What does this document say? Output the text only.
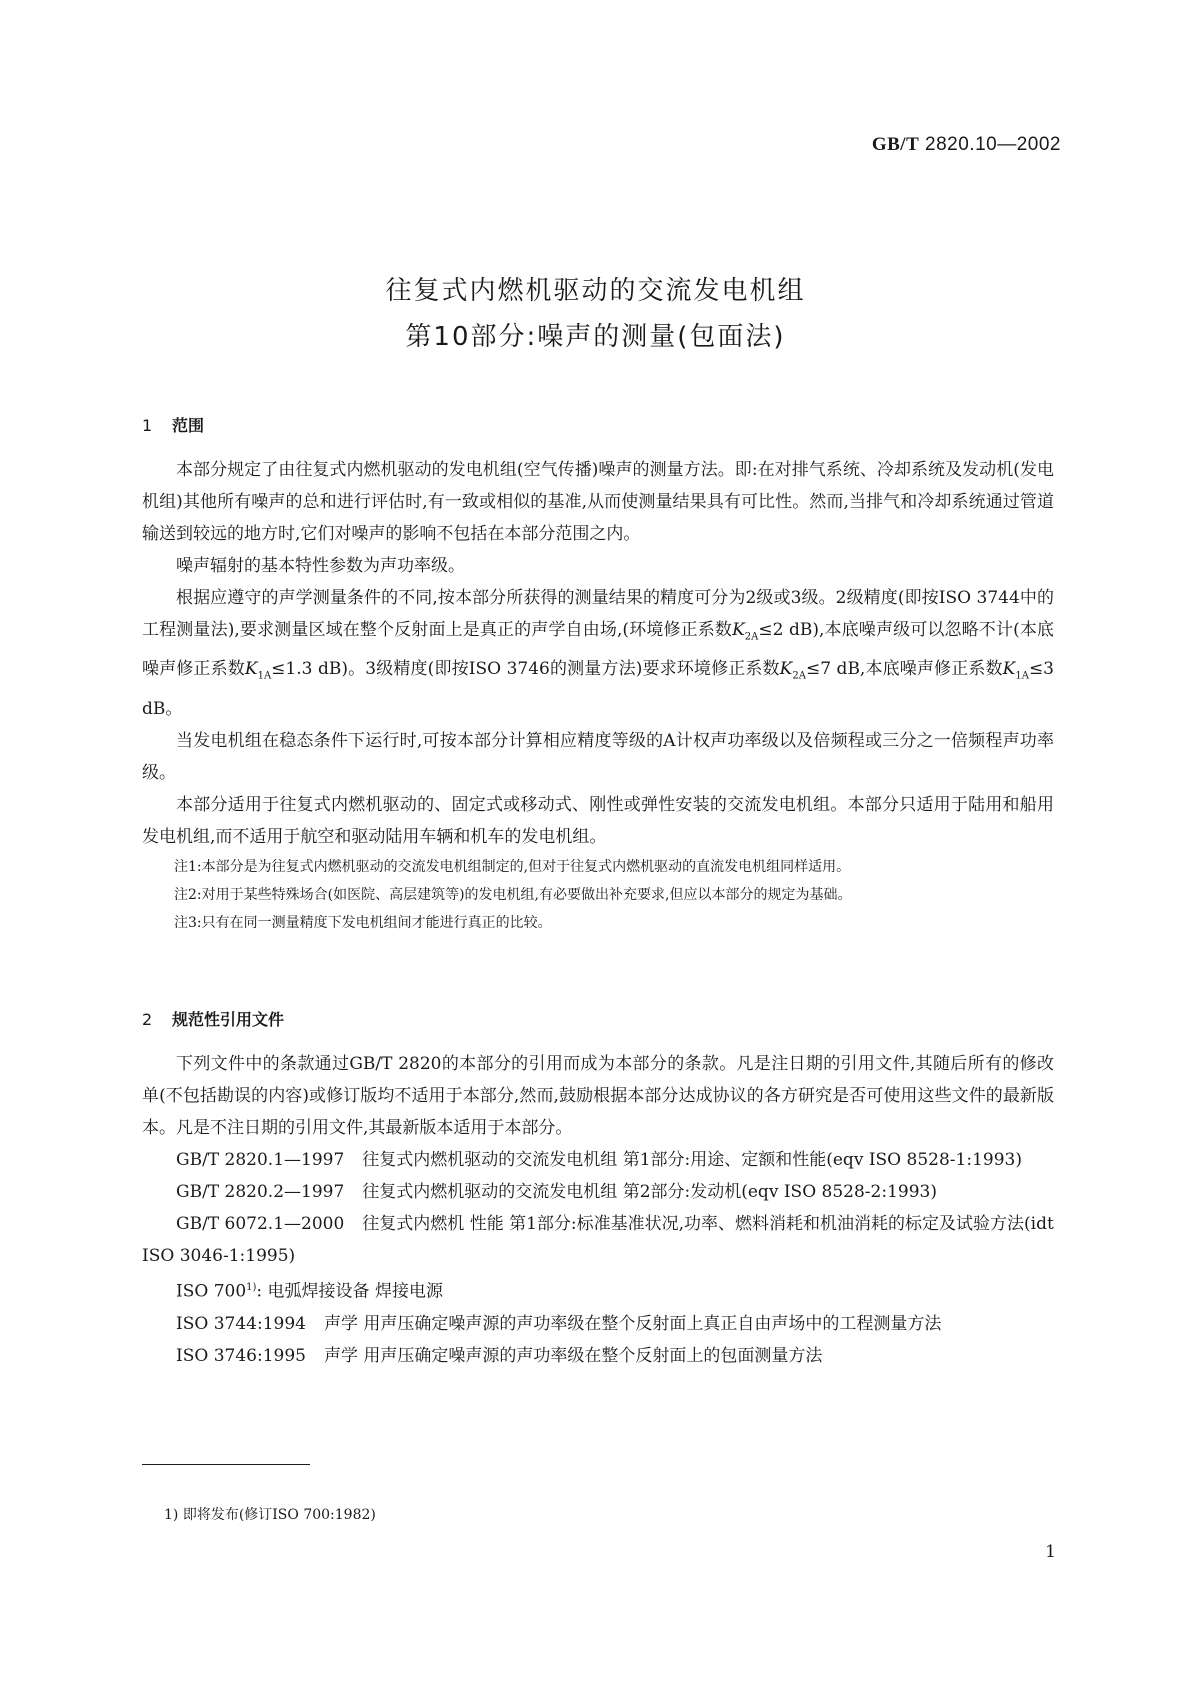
GB/T 2820.10—2002
往复式内燃机驱动的交流发电机组
第10部分:噪声的测量(包面法)
1 范围

本部分规定了由往复式内燃机驱动的发电机组(空气传播)噪声的测量方法。即:在对排气系统、冷却系统及发动机(发电机组)其他所有噪声的总和进行评估时,有一致或相似的基准,从而使测量结果具有可比性。然而,当排气和冷却系统通过管道输送到较远的地方时,它们对噪声的影响不包括在本部分范围之内。

噪声辐射的基本特性参数为声功率级。

根据应遵守的声学测量条件的不同,按本部分所获得的测量结果的精度可分为2级或3级。2级精度(即按ISO 3744中的工程测量法),要求测量区域在整个反射面上是真正的声学自由场,(环境修正系数$K_{2A}\le 2$ dB),本底噪声级可以忽略不计(本底噪声修正系数$K_{1A}\le 1.3$ dB)。3级精度(即按ISO 3746的测量方法)要求环境修正系数$K_{2A}\le 7$ dB,本底噪声修正系数$K_{1A}\le 3$ dB。

当发电机组在稳态条件下运行时,可按本部分计算相应精度等级的A计权声功率级以及倍频程或三分之一倍频程声功率级。

本部分适用于往复式内燃机驱动的、固定式或移动式、刚性或弹性安装的交流发电机组。本部分只适用于陆用和船用发电机组,而不适用于航空和驱动陆用车辆和机车的发电机组。

注1:本部分是为往复式内燃机驱动的交流发电机组制定的,但对于往复式内燃机驱动的直流发电机组同样适用。

注2:对用于某些特殊场合(如医院、高层建筑等)的发电机组,有必要做出补充要求,但应以本部分的规定为基础。

注3:只有在同一测量精度下发电机组间才能进行真正的比较。

2 规范性引用文件

下列文件中的条款通过GB/T 2820的本部分的引用而成为本部分的条款。凡是注日期的引用文件,其随后所有的修改单(不包括勘误的内容)或修订版均不适用于本部分,然而,鼓励根据本部分达成协议的各方研究是否可使用这些文件的最新版本。凡是不注日期的引用文件,其最新版本适用于本部分。

GB/T 2820.1—1997 往复式内燃机驱动的交流发电机组 第1部分:用途、定额和性能(eqv ISO 8528-1:1993)

GB/T 2820.2—1997 往复式内燃机驱动的交流发电机组 第2部分:发动机(eqv ISO 8528-2:1993)

GB/T 6072.1—2000 往复式内燃机 性能 第1部分:标准基准状况,功率、燃料消耗和机油消耗的标定及试验方法(idt ISO 3046-1:1995)

ISO 700$^{1)}$: 电弧焊接设备 焊接电源

ISO 3744:1994 声学 用声压确定噪声源的声功率级在整个反射面上真正自由声场中的工程测量方法

ISO 3746:1995 声学 用声压确定噪声源的声功率级在整个反射面上的包面测量方法

1) 即将发布(修订ISO 700:1982)
1
